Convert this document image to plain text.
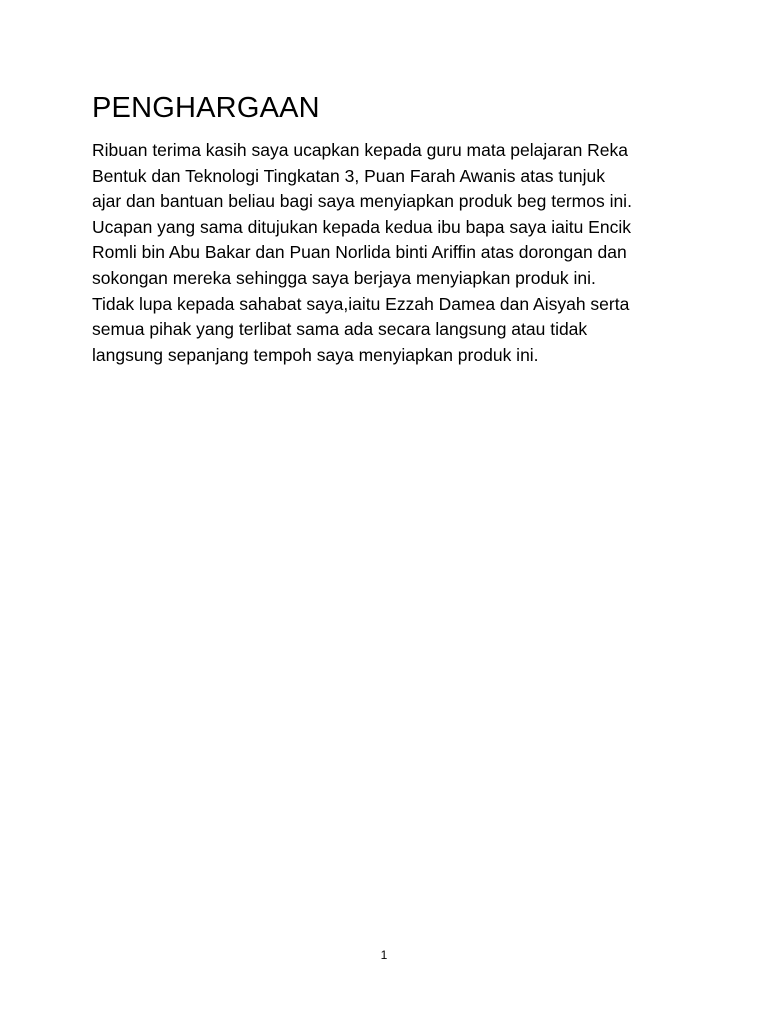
PENGHARGAAN
Ribuan terima kasih saya ucapkan kepada guru mata pelajaran Reka
Bentuk dan Teknologi Tingkatan 3, Puan Farah Awanis atas tunjuk
ajar dan bantuan beliau bagi saya menyiapkan produk beg termos ini.
Ucapan yang sama ditujukan kepada kedua ibu bapa saya iaitu Encik
Romli bin Abu Bakar dan Puan Norlida binti Ariffin atas dorongan dan
sokongan mereka sehingga saya berjaya menyiapkan produk ini.
Tidak lupa kepada sahabat saya,iaitu Ezzah Damea dan Aisyah serta
semua pihak yang terlibat sama ada secara langsung atau tidak
langsung sepanjang tempoh saya menyiapkan produk ini.
1
